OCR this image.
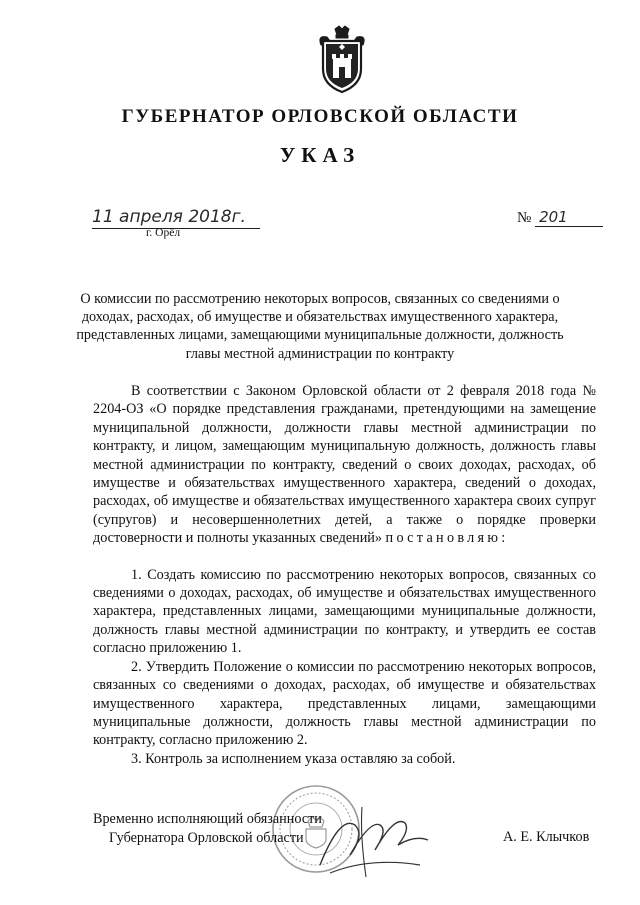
ГУБЕРНАТОР ОРЛОВСКОЙ ОБЛАСТИ
УКАЗ
11 апреля 2018г.
г. Орёл
№ 201
О комиссии по рассмотрению некоторых вопросов, связанных со сведениями о доходах, расходах, об имуществе и обязательствах имущественного характера, представленных лицами, замещающими муниципальные должности, должность главы местной администрации по контракту

В соответствии с Законом Орловской области от 2 февраля 2018 года № 2204-ОЗ «О порядке представления гражданами, претендующими на замещение муниципальной должности, должности главы местной администрации по контракту, и лицом, замещающим муниципальную должность, должность главы местной администрации по контракту, сведений о своих доходах, расходах, об имуществе и обязательствах имущественного характера, сведений о доходах, расходах, об имуществе и обязательствах имущественного характера своих супруг (супругов) и несовершеннолетних детей, а также о порядке проверки достоверности и полноты указанных сведений» постановляю:

1. Создать комиссию по рассмотрению некоторых вопросов, связанных со сведениями о доходах, расходах, об имуществе и обязательствах имущественного характера, представленных лицами, замещающими муниципальные должности, должность главы местной администрации по контракту, и утвердить ее состав согласно приложению 1.

2. Утвердить Положение о комиссии по рассмотрению некоторых вопросов, связанных со сведениями о доходах, расходах, об имуществе и обязательствах имущественного характера, представленных лицами, замещающими муниципальные должности, должность главы местной администрации по контракту, согласно приложению 2.

3. Контроль за исполнением указа оставляю за собой.

Временно исполняющий обязанности
Губернатора Орловской области	А. Е. Клычков
